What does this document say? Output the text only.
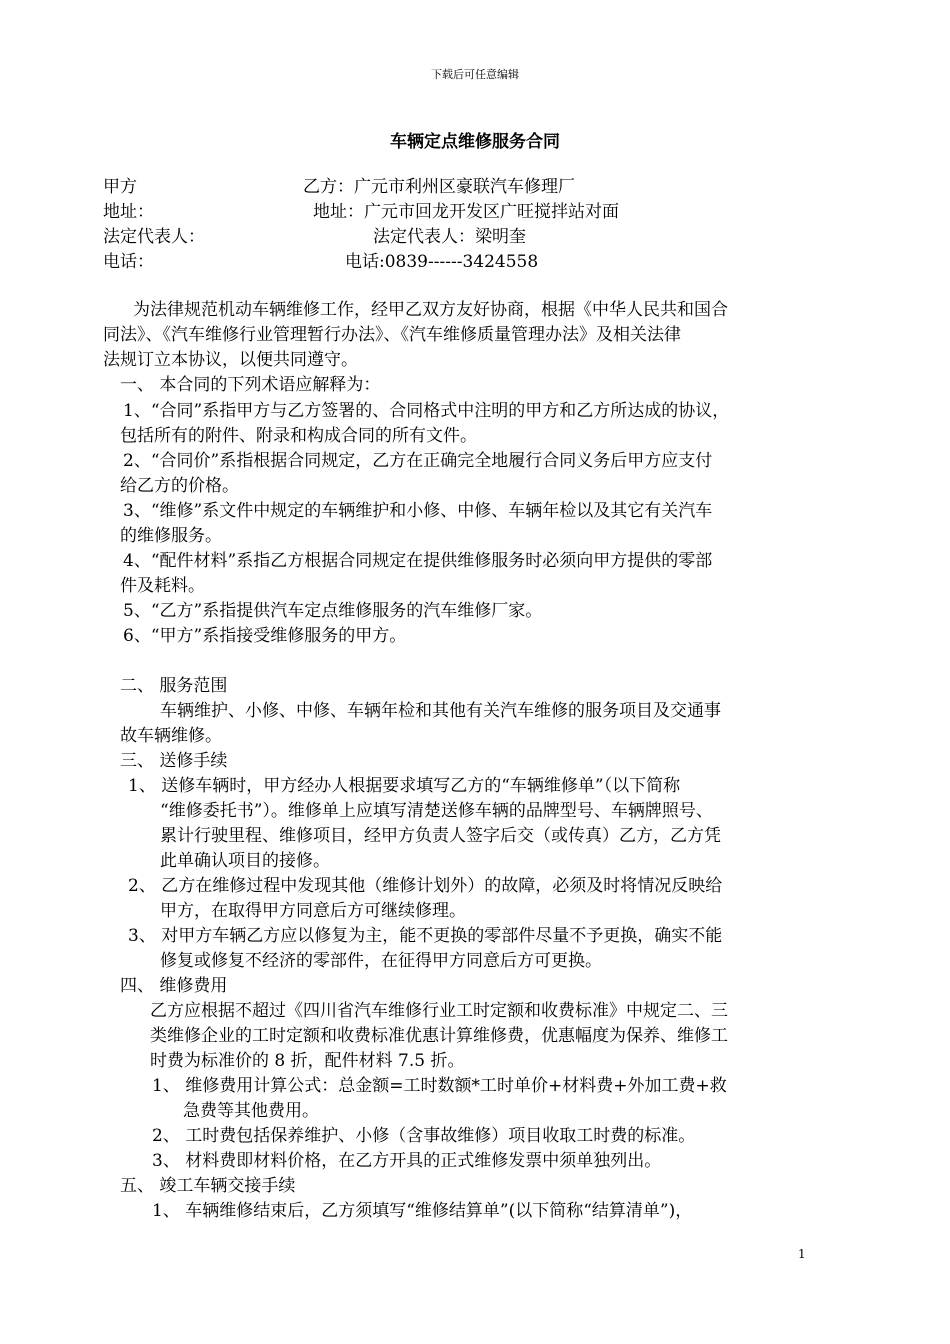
下载后可任意编辑
车辆定点维修服务合同
甲方	乙方：广元市利州区豪联汽车修理厂
地址：	地址：广元市回龙开发区广旺搅拌站对面
法定代表人：	法定代表人：梁明奎
电话：	电话:0839------3424558
为法律规范机动车辆维修工作，经甲乙双方友好协商，根据《中华人民共和国合
同法》、《汽车维修行业管理暂行办法》、《汽车维修质量管理办法》及相关法律
法规订立本协议，以便共同遵守。
一、 本合同的下列术语应解释为：
1、“合同”系指甲方与乙方签署的、合同格式中注明的甲方和乙方所达成的协议，
包括所有的附件、附录和构成合同的所有文件。
2、“合同价”系指根据合同规定，乙方在正确完全地履行合同义务后甲方应支付
给乙方的价格。
3、“维修”系文件中规定的车辆维护和小修、中修、车辆年检以及其它有关汽车
的维修服务。
4、“配件材料”系指乙方根据合同规定在提供维修服务时必须向甲方提供的零部
件及耗料。
5、“乙方”系指提供汽车定点维修服务的汽车维修厂家。
6、“甲方”系指接受维修服务的甲方。
二、 服务范围
车辆维护、小修、中修、车辆年检和其他有关汽车维修的服务项目及交通事
故车辆维修。
三、 送修手续
1、 送修车辆时，甲方经办人根据要求填写乙方的“车辆维修单”（以下简称
“维修委托书”）。维修单上应填写清楚送修车辆的品牌型号、车辆牌照号、
累计行驶里程、维修项目，经甲方负责人签字后交（或传真）乙方，乙方凭
此单确认项目的接修。
2、 乙方在维修过程中发现其他（维修计划外）的故障，必须及时将情况反映给
甲方，在取得甲方同意后方可继续修理。
3、 对甲方车辆乙方应以修复为主，能不更换的零部件尽量不予更换，确实不能
修复或修复不经济的零部件，在征得甲方同意后方可更换。
四、 维修费用
乙方应根据不超过《四川省汽车维修行业工时定额和收费标准》中规定二、三
类维修企业的工时定额和收费标准优惠计算维修费，优惠幅度为保养、维修工
时费为标准价的 8 折，配件材料 7.5 折。
1、 维修费用计算公式：总金额=工时数额*工时单价+材料费+外加工费+救
急费等其他费用。
2、 工时费包括保养维护、小修（含事故维修）项目收取工时费的标准。
3、 材料费即材料价格，在乙方开具的正式维修发票中须单独列出。
五、 竣工车辆交接手续
1、 车辆维修结束后，乙方须填写“维修结算单”(以下简称“结算清单”)，
1
